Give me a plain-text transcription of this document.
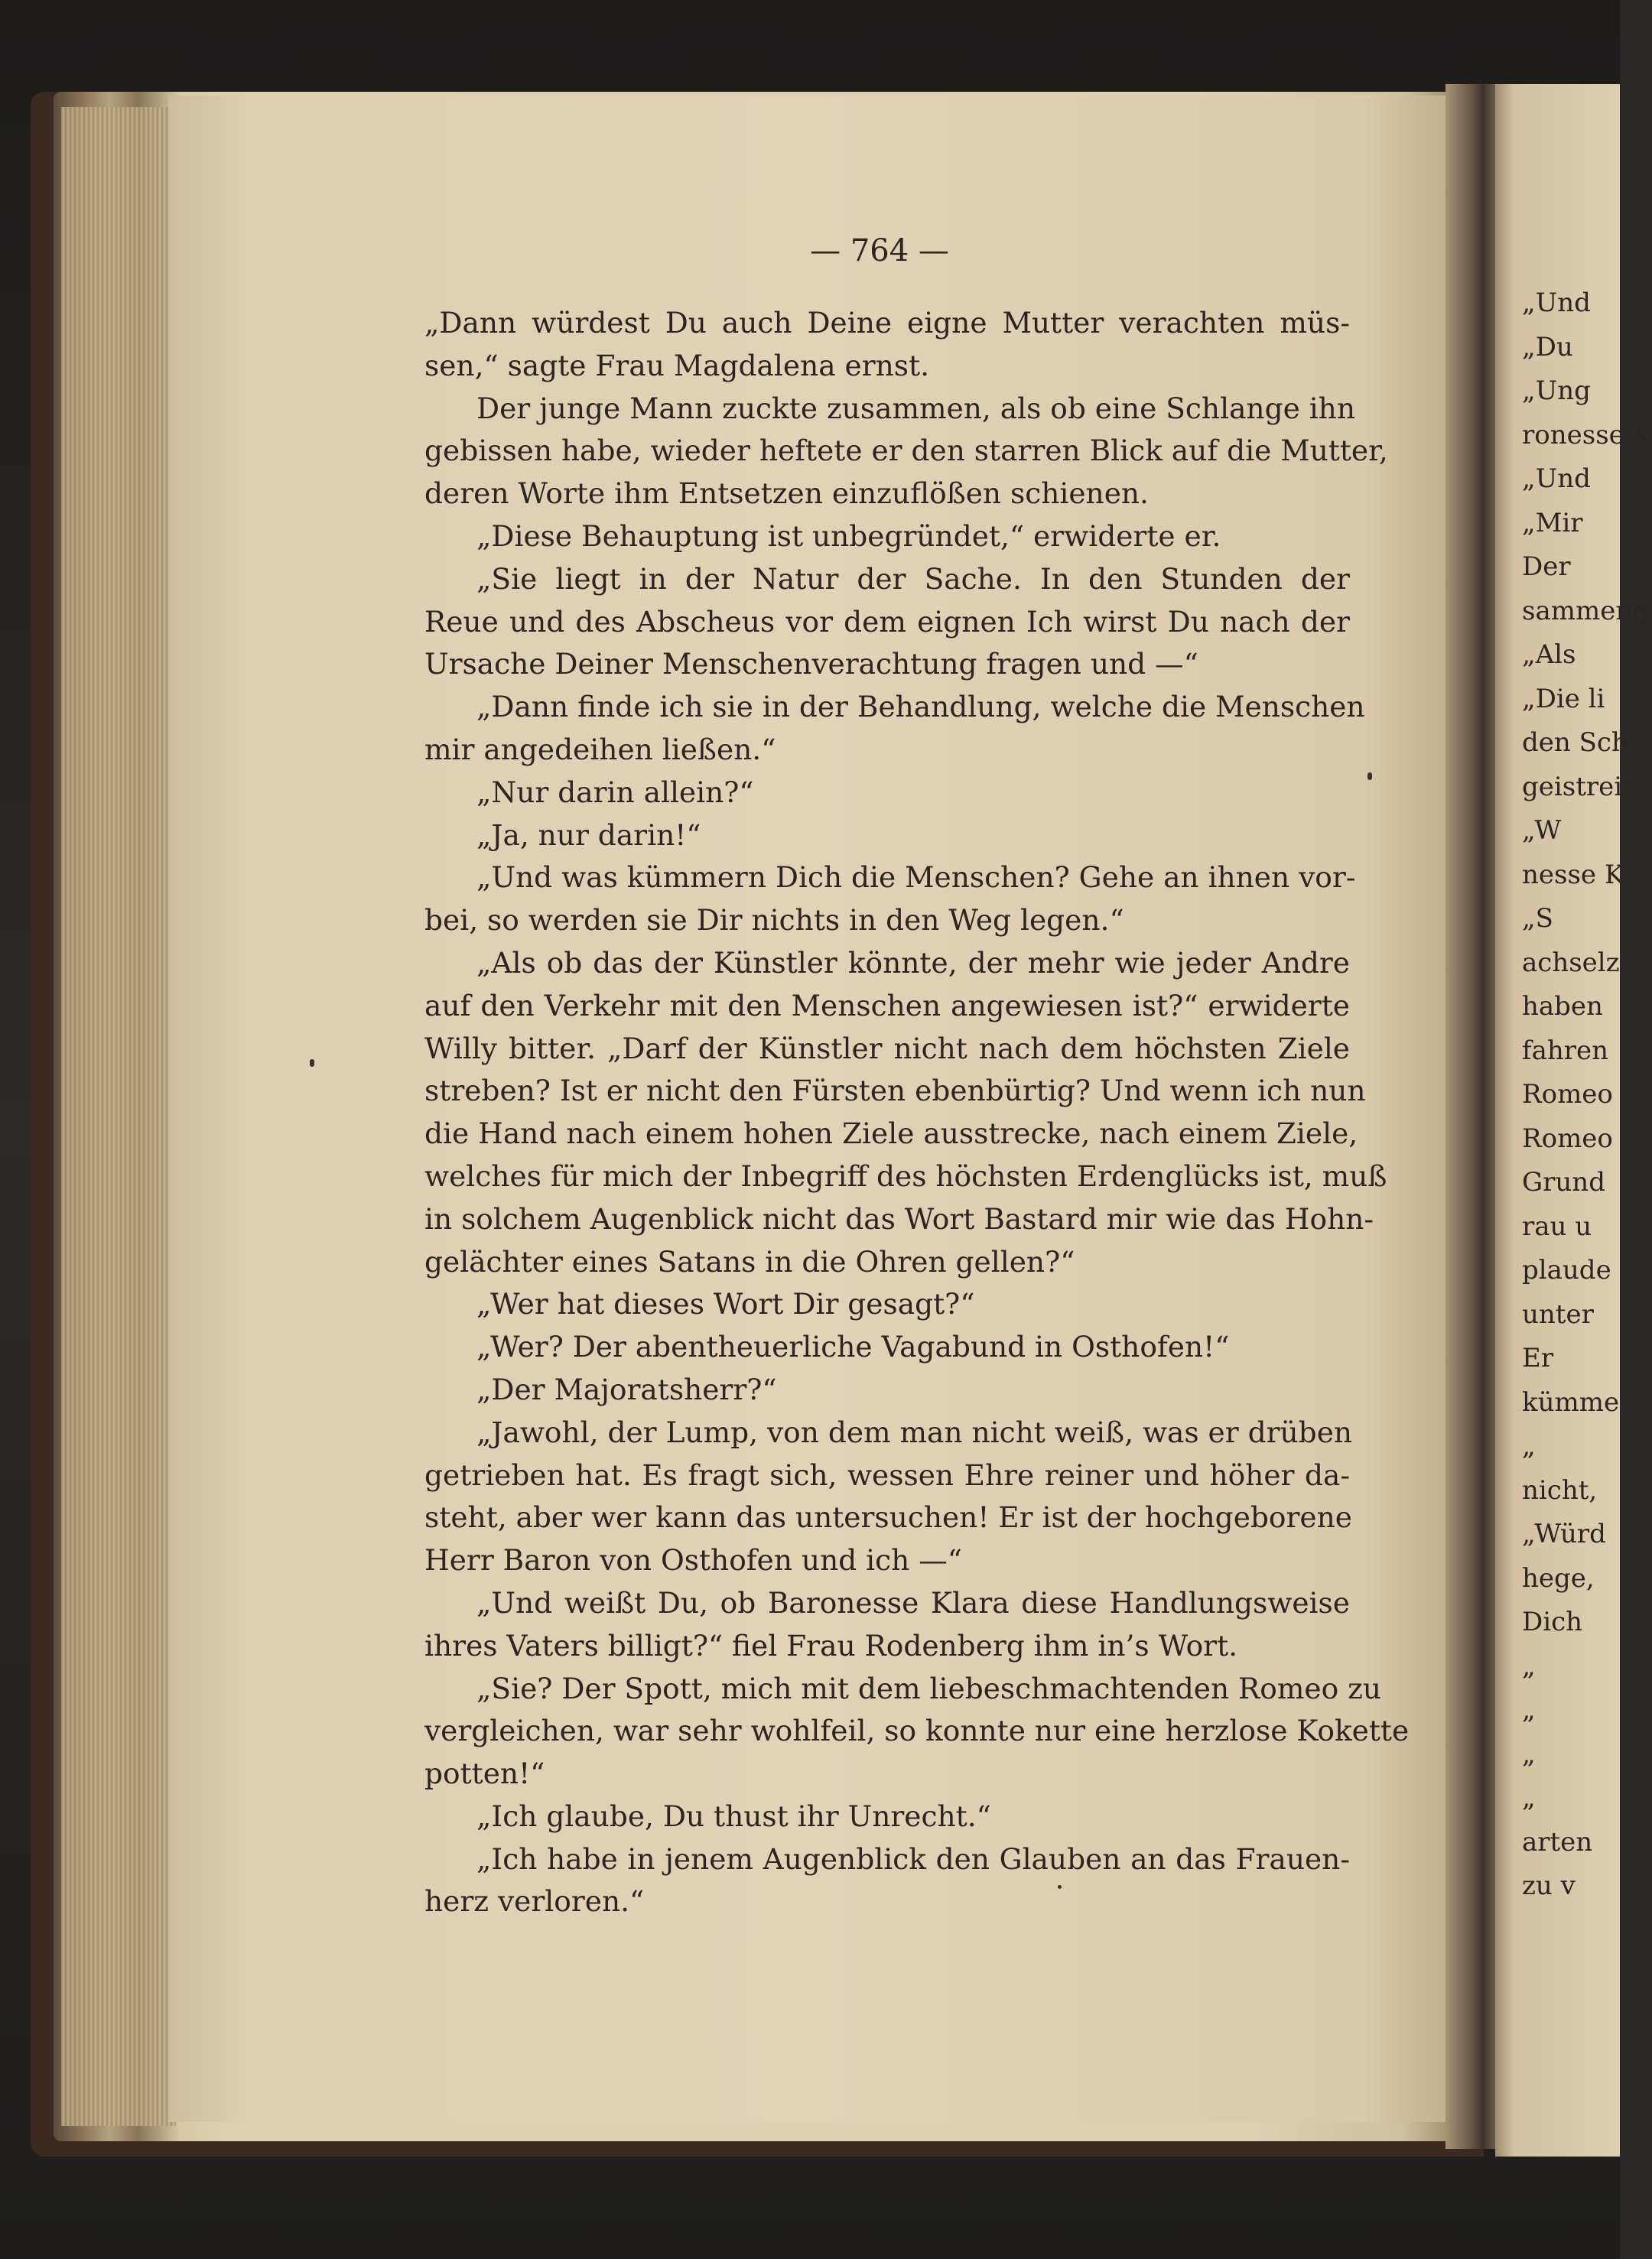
— 764 —
„Dann würdest Du auch Deine eigne Mutter verachten müs-
sen,“ sagte Frau Magdalena ernst.
Der junge Mann zuckte zusammen, als ob eine Schlange ihn
gebissen habe, wieder heftete er den starren Blick auf die Mutter,
deren Worte ihm Entsetzen einzuflößen schienen.
„Diese Behauptung ist unbegründet,“ erwiderte er.
„Sie liegt in der Natur der Sache. In den Stunden der
Reue und des Abscheus vor dem eignen Ich wirst Du nach der
Ursache Deiner Menschenverachtung fragen und —“
„Dann finde ich sie in der Behandlung, welche die Menschen
mir angedeihen ließen.“
„Nur darin allein?“
„Ja, nur darin!“
„Und was kümmern Dich die Menschen? Gehe an ihnen vor-
bei, so werden sie Dir nichts in den Weg legen.“
„Als ob das der Künstler könnte, der mehr wie jeder Andre
auf den Verkehr mit den Menschen angewiesen ist?“ erwiderte
Willy bitter. „Darf der Künstler nicht nach dem höchsten Ziele
streben? Ist er nicht den Fürsten ebenbürtig? Und wenn ich nun
die Hand nach einem hohen Ziele ausstrecke, nach einem Ziele,
welches für mich der Inbegriff des höchsten Erdenglücks ist, muß
in solchem Augenblick nicht das Wort Bastard mir wie das Hohn-
gelächter eines Satans in die Ohren gellen?“
„Wer hat dieses Wort Dir gesagt?“
„Wer? Der abentheuerliche Vagabund in Osthofen!“
„Der Majoratsherr?“
„Jawohl, der Lump, von dem man nicht weiß, was er drüben
getrieben hat. Es fragt sich, wessen Ehre reiner und höher da-
steht, aber wer kann das untersuchen! Er ist der hochgeborene
Herr Baron von Osthofen und ich —“
„Und weißt Du, ob Baronesse Klara diese Handlungsweise
ihres Vaters billigt?“ fiel Frau Rodenberg ihm in’s Wort.
„Sie? Der Spott, mich mit dem liebeschmachtenden Romeo zu
vergleichen, war sehr wohlfeil, so konnte nur eine herzlose Kokette
potten!“
„Ich glaube, Du thust ihr Unrecht.“
„Ich habe in jenem Augenblick den Glauben an das Frauen-
herz verloren.“
„Und
„Du
„Ung
ronesse K
„Und
„Mir
Der
sammeng
„Als
„Die li
den Sch
geistreic
„W
nesse K
„S
achselz
haben
fahren
Romeo
Romeo
Grund
rau u
plaude
unter
Er
kümme
„
nicht,
„Würd
hege,
Dich
„
„
„
„
arten
zu v
